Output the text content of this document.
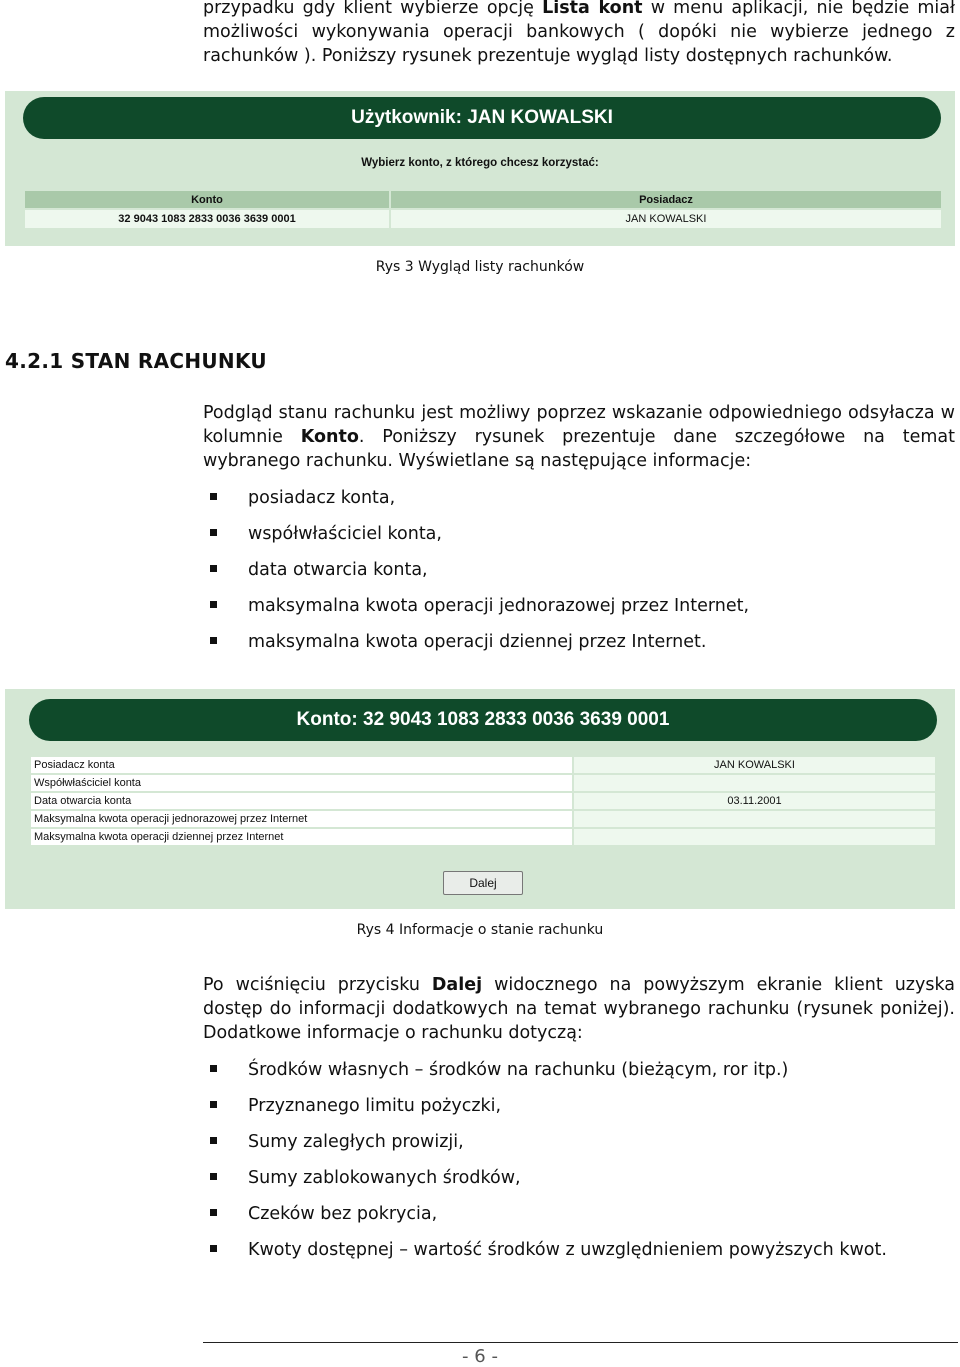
przypadku gdy klient wybierze opcję Lista kont w menu aplikacji, nie będzie miał
możliwości wykonywania operacji bankowych ( dopóki nie wybierze jednego z
rachunków ). Poniższy rysunek prezentuje wygląd listy dostępnych rachunków.
Użytkownik: JAN KOWALSKI
Wybierz konto, z którego chcesz korzystać:
Konto	Posiadacz
32 9043 1083 2833 0036 3639 0001	JAN KOWALSKI
Rys 3 Wygląd listy rachunków
4.2.1 STAN RACHUNKU
Podgląd stanu rachunku jest możliwy poprzez wskazanie odpowiedniego odsyłacza w
kolumnie Konto. Poniższy rysunek prezentuje dane szczegółowe na temat
wybranego rachunku. Wyświetlane są następujące informacje:
posiadacz konta,
współwłaściciel konta,
data otwarcia konta,
maksymalna kwota operacji jednorazowej przez Internet,
maksymalna kwota operacji dziennej przez Internet.
Konto: 32 9043 1083 2833 0036 3639 0001
Posiadacz konta	JAN KOWALSKI
Współwłaściciel konta	
Data otwarcia konta	03.11.2001
Maksymalna kwota operacji jednorazowej przez Internet	
Maksymalna kwota operacji dziennej przez Internet	
Dalej
Rys 4 Informacje o stanie rachunku
Po wciśnięciu przycisku Dalej widocznego na powyższym ekranie klient uzyska
dostęp do informacji dodatkowych na temat wybranego rachunku (rysunek poniżej).
Dodatkowe informacje o rachunku dotyczą:
Środków własnych – środków na rachunku (bieżącym, ror itp.)
Przyznanego limitu pożyczki,
Sumy zaległych prowizji,
Sumy zablokowanych środków,
Czeków bez pokrycia,
Kwoty dostępnej – wartość środków z uwzględnieniem powyższych kwot.
- 6 -
